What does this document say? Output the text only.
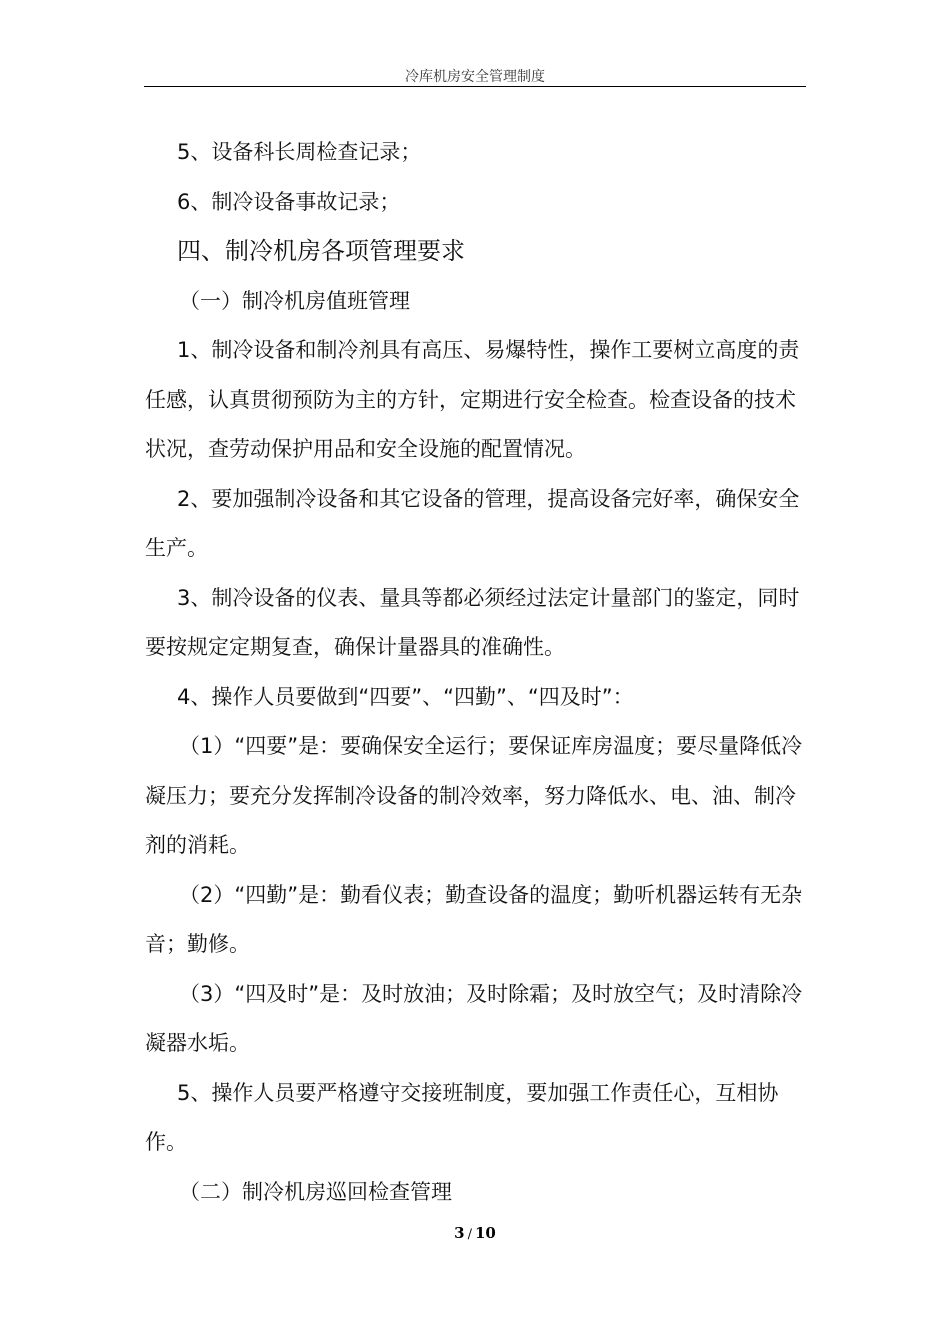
冷库机房安全管理制度

5、设备科长周检查记录；

6、制冷设备事故记录；

四、制冷机房各项管理要求

（一）制冷机房值班管理

1、制冷设备和制冷剂具有高压、易爆特性，操作工要树立高度的责任感，认真贯彻预防为主的方针，定期进行安全检查。检查设备的技术状况，查劳动保护用品和安全设施的配置情况。

2、要加强制冷设备和其它设备的管理，提高设备完好率，确保安全生产。

3、制冷设备的仪表、量具等都必须经过法定计量部门的鉴定，同时要按规定定期复查，确保计量器具的准确性。

4、操作人员要做到“四要”、“四勤”、“四及时”：

（1）“四要”是：要确保安全运行；要保证库房温度；要尽量降低冷凝压力；要充分发挥制冷设备的制冷效率，努力降低水、电、油、制冷剂的消耗。

（2）“四勤”是：勤看仪表；勤查设备的温度；勤听机器运转有无杂音；勤修。

（3）“四及时”是：及时放油；及时除霜；及时放空气；及时清除冷凝器水垢。

5、操作人员要严格遵守交接班制度，要加强工作责任心，互相协作。

（二）制冷机房巡回检查管理

3 / 10
